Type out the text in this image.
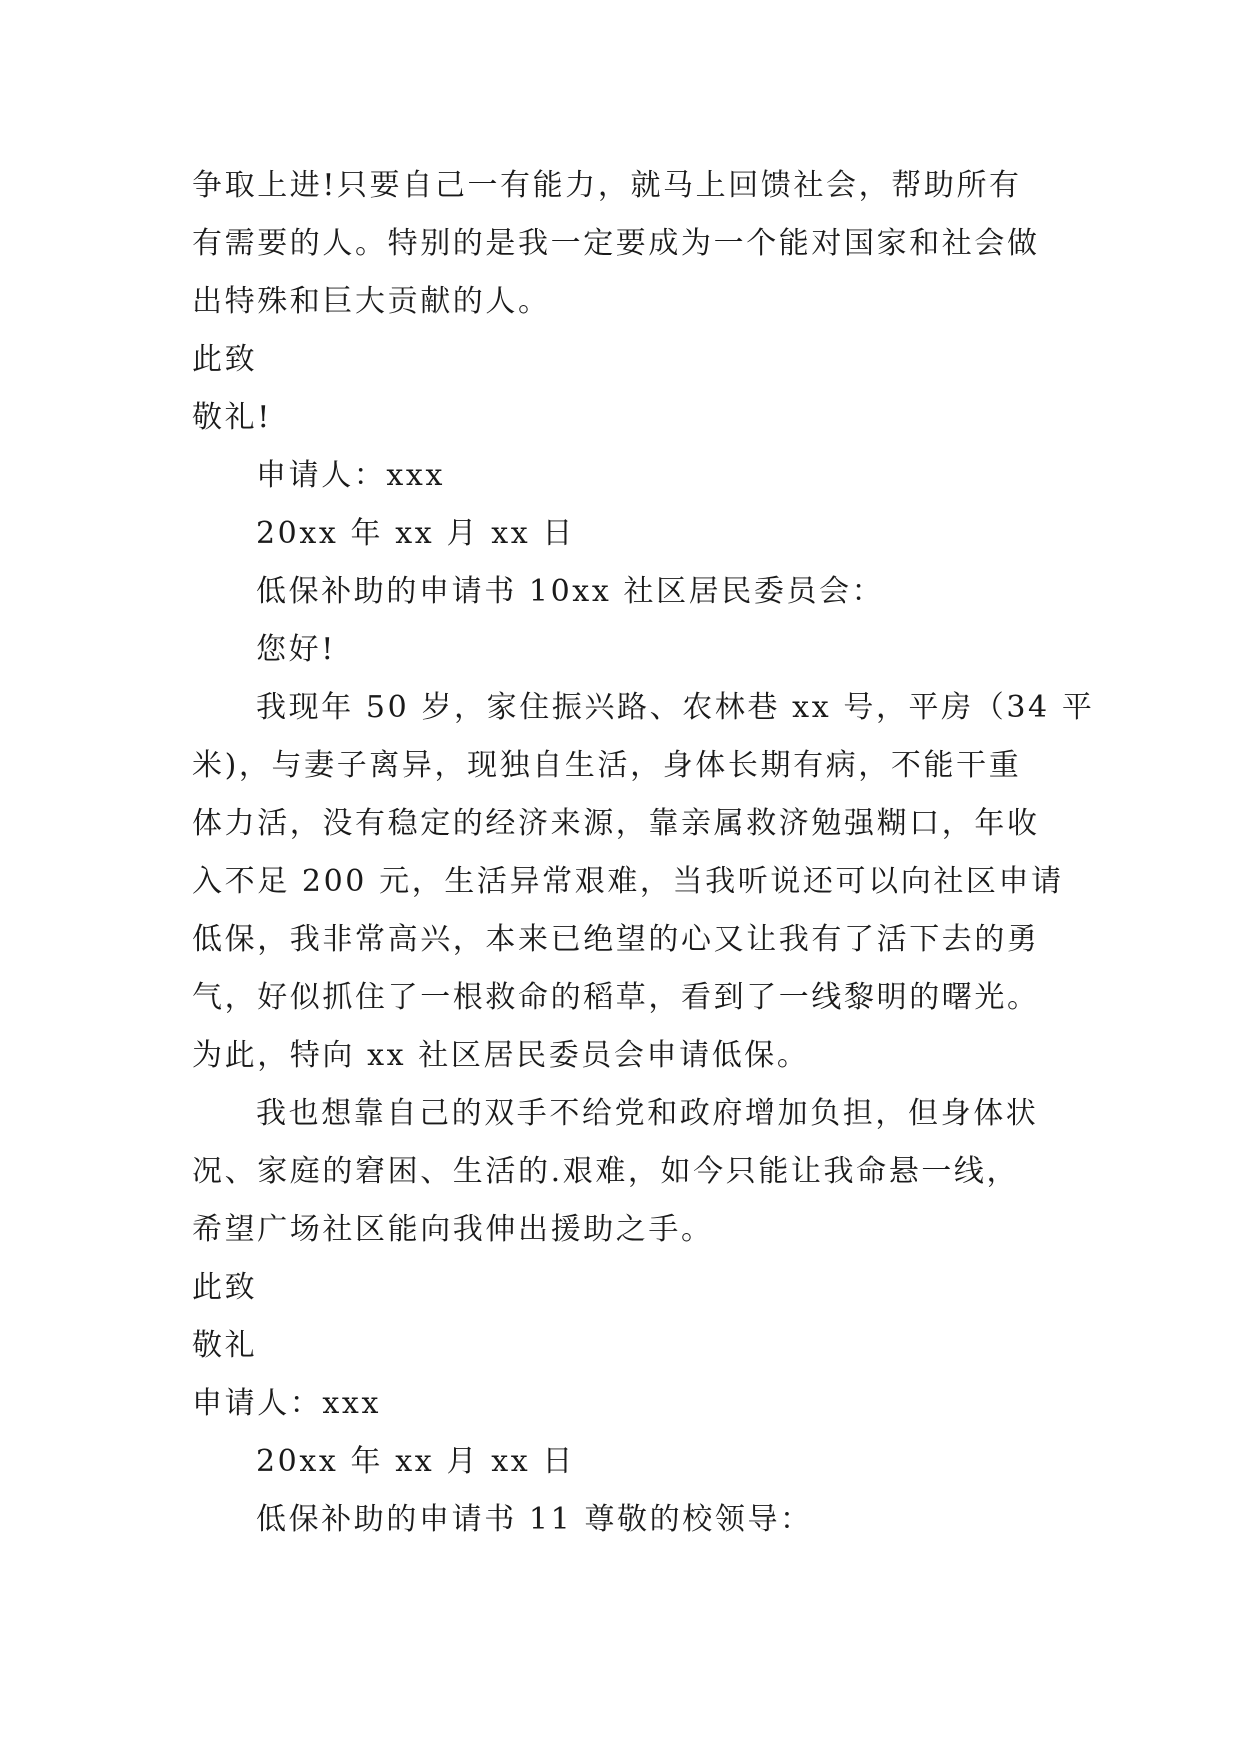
争取上进!只要自己一有能力，就马上回馈社会，帮助所有
有需要的人。特别的是我一定要成为一个能对国家和社会做
出特殊和巨大贡献的人。
此致
敬礼!
申请人：xxx
20xx 年 xx 月 xx 日
低保补助的申请书 10xx 社区居民委员会：
您好!
我现年 50 岁，家住振兴路、农林巷 xx 号，平房（34 平
米)，与妻子离异，现独自生活，身体长期有病，不能干重
体力活，没有稳定的经济来源，靠亲属救济勉强糊口，年收
入不足 200 元，生活异常艰难，当我听说还可以向社区申请
低保，我非常高兴，本来已绝望的心又让我有了活下去的勇
气，好似抓住了一根救命的稻草，看到了一线黎明的曙光。
为此，特向 xx 社区居民委员会申请低保。
我也想靠自己的双手不给党和政府增加负担，但身体状
况、家庭的窘困、生活的.艰难，如今只能让我命悬一线，
希望广场社区能向我伸出援助之手。
此致
敬礼
申请人：xxx
20xx 年 xx 月 xx 日
低保补助的申请书 11 尊敬的校领导：
